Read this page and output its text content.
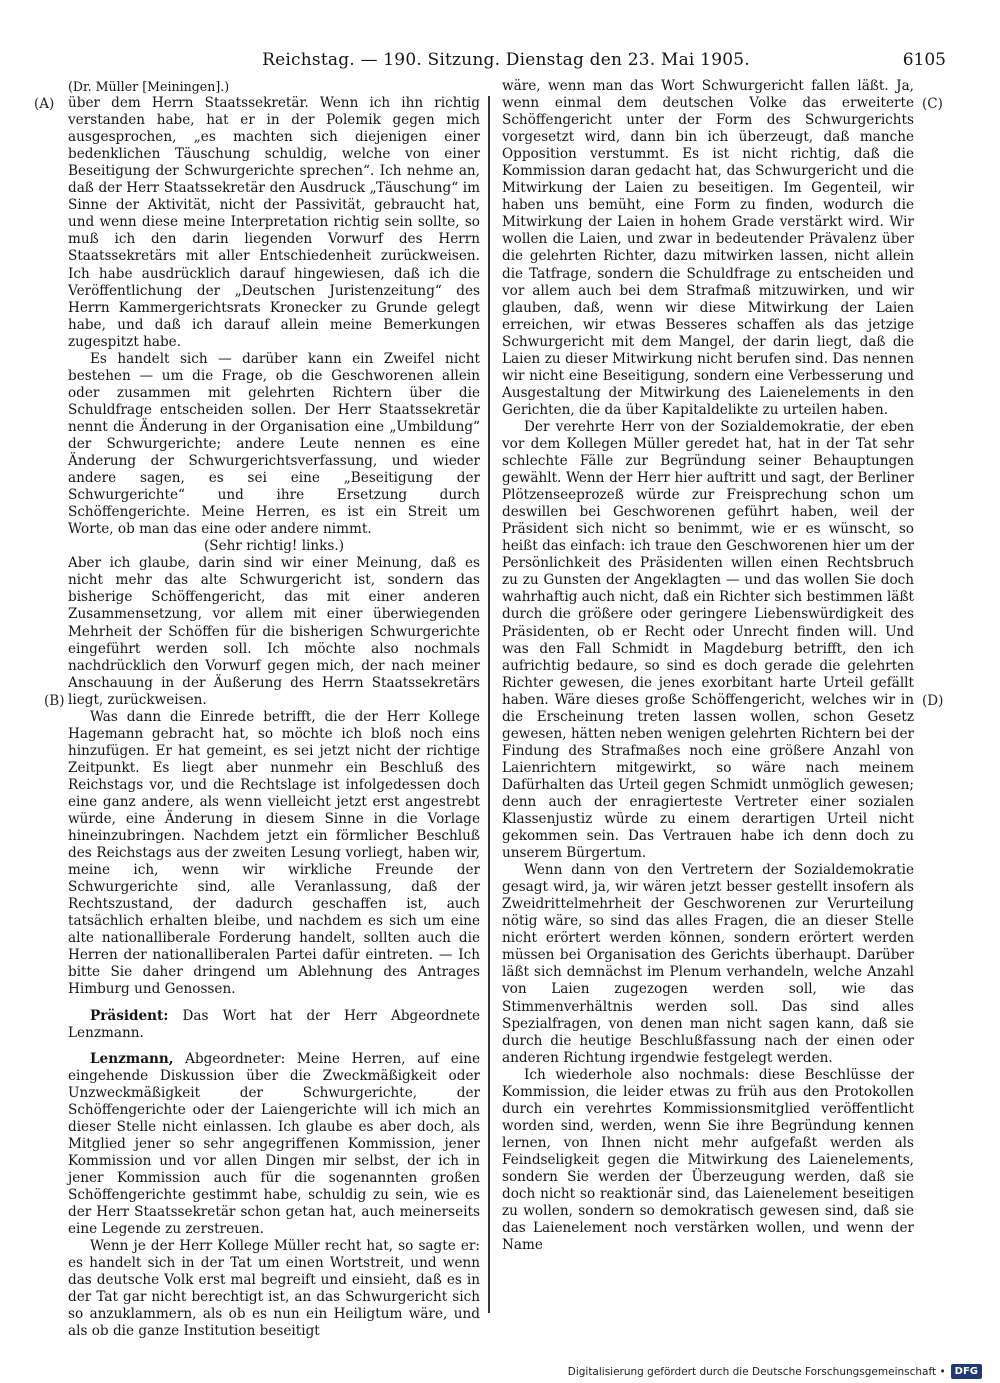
Reichstag. — 190. Sitzung. Dienstag den 23. Mai 1905.	6105
(A)
(B)
(C)
(D)

(Dr. Müller [Meiningen].)

über dem Herrn Staatssekretär. Wenn ich ihn richtig verstanden habe, hat er in der Polemik gegen mich ausgesprochen, „es machten sich diejenigen einer bedenklichen Täuschung schuldig, welche von einer Beseitigung der Schwurgerichte sprechen“. Ich nehme an, daß der Herr Staatssekretär den Ausdruck „Täuschung“ im Sinne der Aktivität, nicht der Passivität, gebraucht hat, und wenn diese meine Interpretation richtig sein sollte, so muß ich den darin liegenden Vorwurf des Herrn Staatssekretärs mit aller Entschiedenheit zurückweisen. Ich habe ausdrücklich darauf hingewiesen, daß ich die Veröffentlichung der „Deutschen Juristenzeitung“ des Herrn Kammergerichtsrats Kronecker zu Grunde gelegt habe, und daß ich darauf allein meine Bemerkungen zugespitzt habe.

Es handelt sich — darüber kann ein Zweifel nicht bestehen — um die Frage, ob die Geschworenen allein oder zusammen mit gelehrten Richtern über die Schuldfrage entscheiden sollen. Der Herr Staatssekretär nennt die Änderung in der Organisation eine „Umbildung“ der Schwurgerichte; andere Leute nennen es eine Änderung der Schwurgerichtsverfassung, und wieder andere sagen, es sei eine „Beseitigung der Schwurgerichte“ und ihre Ersetzung durch Schöffengerichte. Meine Herren, es ist ein Streit um Worte, ob man das eine oder andere nimmt.

(Sehr richtig! links.)

Aber ich glaube, darin sind wir einer Meinung, daß es nicht mehr das alte Schwurgericht ist, sondern das bisherige Schöffengericht, das mit einer anderen Zusammensetzung, vor allem mit einer überwiegenden Mehrheit der Schöffen für die bisherigen Schwurgerichte eingeführt werden soll. Ich möchte also nochmals nachdrücklich den Vorwurf gegen mich, der nach meiner Anschauung in der Äußerung des Herrn Staatssekretärs liegt, zurückweisen.

Was dann die Einrede betrifft, die der Herr Kollege Hagemann gebracht hat, so möchte ich bloß noch eins hinzufügen. Er hat gemeint, es sei jetzt nicht der richtige Zeitpunkt. Es liegt aber nunmehr ein Beschluß des Reichstags vor, und die Rechtslage ist infolgedessen doch eine ganz andere, als wenn vielleicht jetzt erst angestrebt würde, eine Änderung in diesem Sinne in die Vorlage hineinzubringen. Nachdem jetzt ein förmlicher Beschluß des Reichstags aus der zweiten Lesung vorliegt, haben wir, meine ich, wenn wir wirkliche Freunde der Schwurgerichte sind, alle Veranlassung, daß der Rechtszustand, der dadurch geschaffen ist, auch tatsächlich erhalten bleibe, und nachdem es sich um eine alte nationalliberale Forderung handelt, sollten auch die Herren der nationalliberalen Partei dafür eintreten. — Ich bitte Sie daher dringend um Ablehnung des Antrages Himburg und Genossen.

Präsident: Das Wort hat der Herr Abgeordnete Lenzmann.

Lenzmann, Abgeordneter: Meine Herren, auf eine eingehende Diskussion über die Zweckmäßigkeit oder Unzweckmäßigkeit der Schwurgerichte, der Schöffengerichte oder der Laiengerichte will ich mich an dieser Stelle nicht einlassen. Ich glaube es aber doch, als Mitglied jener so sehr angegriffenen Kommission, jener Kommission und vor allen Dingen mir selbst, der ich in jener Kommission auch für die sogenannten großen Schöffengerichte gestimmt habe, schuldig zu sein, wie es der Herr Staatssekretär schon getan hat, auch meinerseits eine Legende zu zerstreuen.

Wenn je der Herr Kollege Müller recht hat, so sagte er: es handelt sich in der Tat um einen Wortstreit, und wenn das deutsche Volk erst mal begreift und einsieht, daß es in der Tat gar nicht berechtigt ist, an das Schwurgericht sich so anzuklammern, als ob es nun ein Heiligtum wäre, und als ob die ganze Institution beseitigt

wäre, wenn man das Wort Schwurgericht fallen läßt. Ja, wenn einmal dem deutschen Volke das erweiterte Schöffengericht unter der Form des Schwurgerichts vorgesetzt wird, dann bin ich überzeugt, daß manche Opposition verstummt. Es ist nicht richtig, daß die Kommission daran gedacht hat, das Schwurgericht und die Mitwirkung der Laien zu beseitigen. Im Gegenteil, wir haben uns bemüht, eine Form zu finden, wodurch die Mitwirkung der Laien in hohem Grade verstärkt wird. Wir wollen die Laien, und zwar in bedeutender Prävalenz über die gelehrten Richter, dazu mitwirken lassen, nicht allein die Tatfrage, sondern die Schuldfrage zu entscheiden und vor allem auch bei dem Strafmaß mitzuwirken, und wir glauben, daß, wenn wir diese Mitwirkung der Laien erreichen, wir etwas Besseres schaffen als das jetzige Schwurgericht mit dem Mangel, der darin liegt, daß die Laien zu dieser Mitwirkung nicht berufen sind. Das nennen wir nicht eine Beseitigung, sondern eine Verbesserung und Ausgestaltung der Mitwirkung des Laienelements in den Gerichten, die da über Kapitaldelikte zu urteilen haben.

Der verehrte Herr von der Sozialdemokratie, der eben vor dem Kollegen Müller geredet hat, hat in der Tat sehr schlechte Fälle zur Begründung seiner Behauptungen gewählt. Wenn der Herr hier auftritt und sagt, der Berliner Plötzenseeprozeß würde zur Freisprechung schon um deswillen bei Geschworenen geführt haben, weil der Präsident sich nicht so benimmt, wie er es wünscht, so heißt das einfach: ich traue den Geschworenen hier um der Persönlichkeit des Präsidenten willen einen Rechtsbruch zu zu Gunsten der Angeklagten — und das wollen Sie doch wahrhaftig auch nicht, daß ein Richter sich bestimmen läßt durch die größere oder geringere Liebenswürdigkeit des Präsidenten, ob er Recht oder Unrecht finden will. Und was den Fall Schmidt in Magdeburg betrifft, den ich aufrichtig bedaure, so sind es doch gerade die gelehrten Richter gewesen, die jenes exorbitant harte Urteil gefällt haben. Wäre dieses große Schöffengericht, welches wir in die Erscheinung treten lassen wollen, schon Gesetz gewesen, hätten neben wenigen gelehrten Richtern bei der Findung des Strafmaßes noch eine größere Anzahl von Laienrichtern mitgewirkt, so wäre nach meinem Dafürhalten das Urteil gegen Schmidt unmöglich gewesen; denn auch der enragierteste Vertreter einer sozialen Klassenjustiz würde zu einem derartigen Urteil nicht gekommen sein. Das Vertrauen habe ich denn doch zu unserem Bürgertum.

Wenn dann von den Vertretern der Sozialdemokratie gesagt wird, ja, wir wären jetzt besser gestellt insofern als Zweidrittelmehrheit der Geschworenen zur Verurteilung nötig wäre, so sind das alles Fragen, die an dieser Stelle nicht erörtert werden können, sondern erörtert werden müssen bei Organisation des Gerichts überhaupt. Darüber läßt sich demnächst im Plenum verhandeln, welche Anzahl von Laien zugezogen werden soll, wie das Stimmenverhältnis werden soll. Das sind alles Spezialfragen, von denen man nicht sagen kann, daß sie durch die heutige Beschlußfassung nach der einen oder anderen Richtung irgendwie festgelegt werden.

Ich wiederhole also nochmals: diese Beschlüsse der Kommission, die leider etwas zu früh aus den Protokollen durch ein verehrtes Kommissionsmitglied veröffentlicht worden sind, werden, wenn Sie ihre Begründung kennen lernen, von Ihnen nicht mehr aufgefaßt werden als Feindseligkeit gegen die Mitwirkung des Laienelements, sondern Sie werden der Überzeugung werden, daß sie doch nicht so reaktionär sind, das Laienelement beseitigen zu wollen, sondern so demokratisch gewesen sind, daß sie das Laienelement noch verstärken wollen, und wenn der Name

Digitalisierung gefördert durch die Deutsche Forschungsgemeinschaft • DFG
